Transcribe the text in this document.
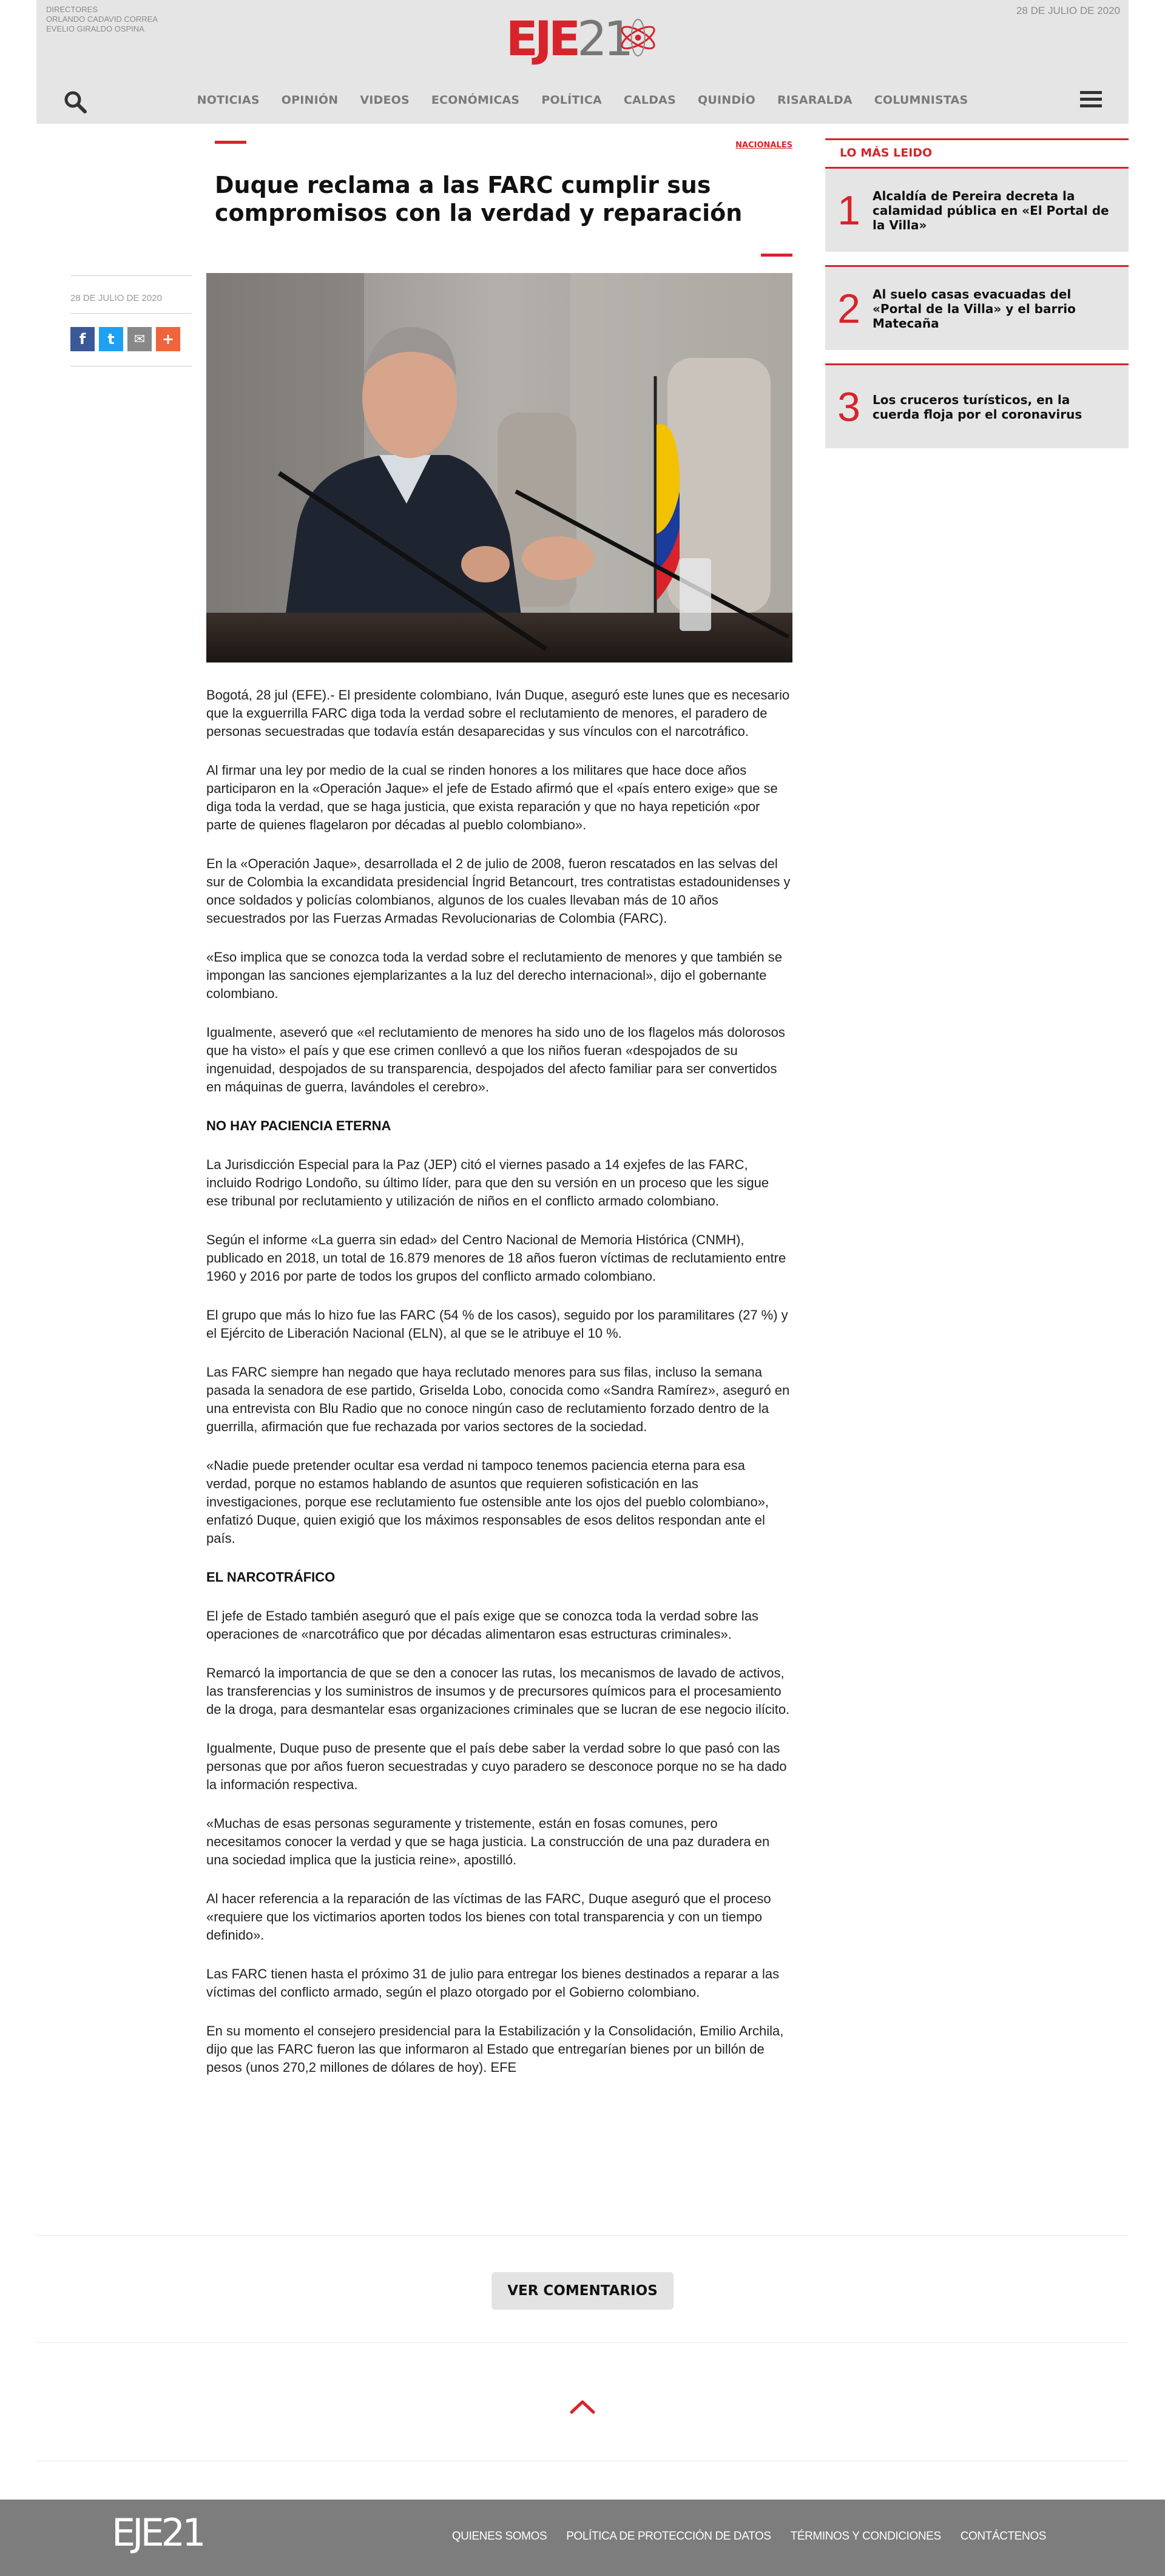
DIRECTORES
ORLANDO CADAVID CORREA
EVELIO GIRALDO OSPINA
28 DE JULIO DE 2020
EJE21
NOTICIAS OPINIÓN VIDEOS ECONÓMICAS POLÍTICA CALDAS QUINDÍO RISARALDA COLUMNISTAS
28 DE JULIO DE 2020
f	t	✉	+
NACIONALES
Duque reclama a las FARC cumplir sus compromisos con la verdad y reparación

Bogotá, 28 jul (EFE).- El presidente colombiano, Iván Duque, aseguró este lunes que es necesario que la exguerrilla FARC diga toda la verdad sobre el reclutamiento de menores, el paradero de personas secuestradas que todavía están desaparecidas y sus vínculos con el narcotráfico.

Al firmar una ley por medio de la cual se rinden honores a los militares que hace doce años participaron en la «Operación Jaque» el jefe de Estado afirmó que el «país entero exige» que se diga toda la verdad, que se haga justicia, que exista reparación y que no haya repetición «por parte de quienes flagelaron por décadas al pueblo colombiano».

En la «Operación Jaque», desarrollada el 2 de julio de 2008, fueron rescatados en las selvas del sur de Colombia la excandidata presidencial Íngrid Betancourt, tres contratistas estadounidenses y once soldados y policías colombianos, algunos de los cuales llevaban más de 10 años secuestrados por las Fuerzas Armadas Revolucionarias de Colombia (FARC).

«Eso implica que se conozca toda la verdad sobre el reclutamiento de menores y que también se impongan las sanciones ejemplarizantes a la luz del derecho internacional», dijo el gobernante colombiano.

Igualmente, aseveró que «el reclutamiento de menores ha sido uno de los flagelos más dolorosos que ha visto» el país y que ese crimen conllevó a que los niños fueran «despojados de su ingenuidad, despojados de su transparencia, despojados del afecto familiar para ser convertidos en máquinas de guerra, lavándoles el cerebro».

NO HAY PACIENCIA ETERNA

La Jurisdicción Especial para la Paz (JEP) citó el viernes pasado a 14 exjefes de las FARC, incluido Rodrigo Londoño, su último líder, para que den su versión en un proceso que les sigue ese tribunal por reclutamiento y utilización de niños en el conflicto armado colombiano.

Según el informe «La guerra sin edad» del Centro Nacional de Memoria Histórica (CNMH), publicado en 2018, un total de 16.879 menores de 18 años fueron víctimas de reclutamiento entre 1960 y 2016 por parte de todos los grupos del conflicto armado colombiano.

El grupo que más lo hizo fue las FARC (54 % de los casos), seguido por los paramilitares (27 %) y el Ejército de Liberación Nacional (ELN), al que se le atribuye el 10 %.

Las FARC siempre han negado que haya reclutado menores para sus filas, incluso la semana pasada la senadora de ese partido, Griselda Lobo, conocida como «Sandra Ramírez», aseguró en una entrevista con Blu Radio que no conoce ningún caso de reclutamiento forzado dentro de la guerrilla, afirmación que fue rechazada por varios sectores de la sociedad.

«Nadie puede pretender ocultar esa verdad ni tampoco tenemos paciencia eterna para esa verdad, porque no estamos hablando de asuntos que requieren sofisticación en las investigaciones, porque ese reclutamiento fue ostensible ante los ojos del pueblo colombiano», enfatizó Duque, quien exigió que los máximos responsables de esos delitos respondan ante el país.

EL NARCOTRÁFICO

El jefe de Estado también aseguró que el país exige que se conozca toda la verdad sobre las operaciones de «narcotráfico que por décadas alimentaron esas estructuras criminales».

Remarcó la importancia de que se den a conocer las rutas, los mecanismos de lavado de activos, las transferencias y los suministros de insumos y de precursores químicos para el procesamiento de la droga, para desmantelar esas organizaciones criminales que se lucran de ese negocio ilícito.

Igualmente, Duque puso de presente que el país debe saber la verdad sobre lo que pasó con las personas que por años fueron secuestradas y cuyo paradero se desconoce porque no se ha dado la información respectiva.

«Muchas de esas personas seguramente y tristemente, están en fosas comunes, pero necesitamos conocer la verdad y que se haga justicia. La construcción de una paz duradera en una sociedad implica que la justicia reine», apostilló.

Al hacer referencia a la reparación de las víctimas de las FARC, Duque aseguró que el proceso «requiere que los victimarios aporten todos los bienes con total transparencia y con un tiempo definido».

Las FARC tienen hasta el próximo 31 de julio para entregar los bienes destinados a reparar a las víctimas del conflicto armado, según el plazo otorgado por el Gobierno colombiano.

En su momento el consejero presidencial para la Estabilización y la Consolidación, Emilio Archila, dijo que las FARC fueron las que informaron al Estado que entregarían bienes por un billón de pesos (unos 270,2 millones de dólares de hoy). EFE

LO MÁS LEIDO
1	Alcaldía de Pereira decreta la calamidad pública en «El Portal de la Villa»
2	Al suelo casas evacuadas del «Portal de la Villa» y el barrio Matecaña
3	Los cruceros turísticos, en la cuerda floja por el coronavirus
VER COMENTARIOS
EJE21	QUIENES SOMOS POLÍTICA DE PROTECCIÓN DE DATOS TÉRMINOS Y CONDICIONES CONTÁCTENOS
